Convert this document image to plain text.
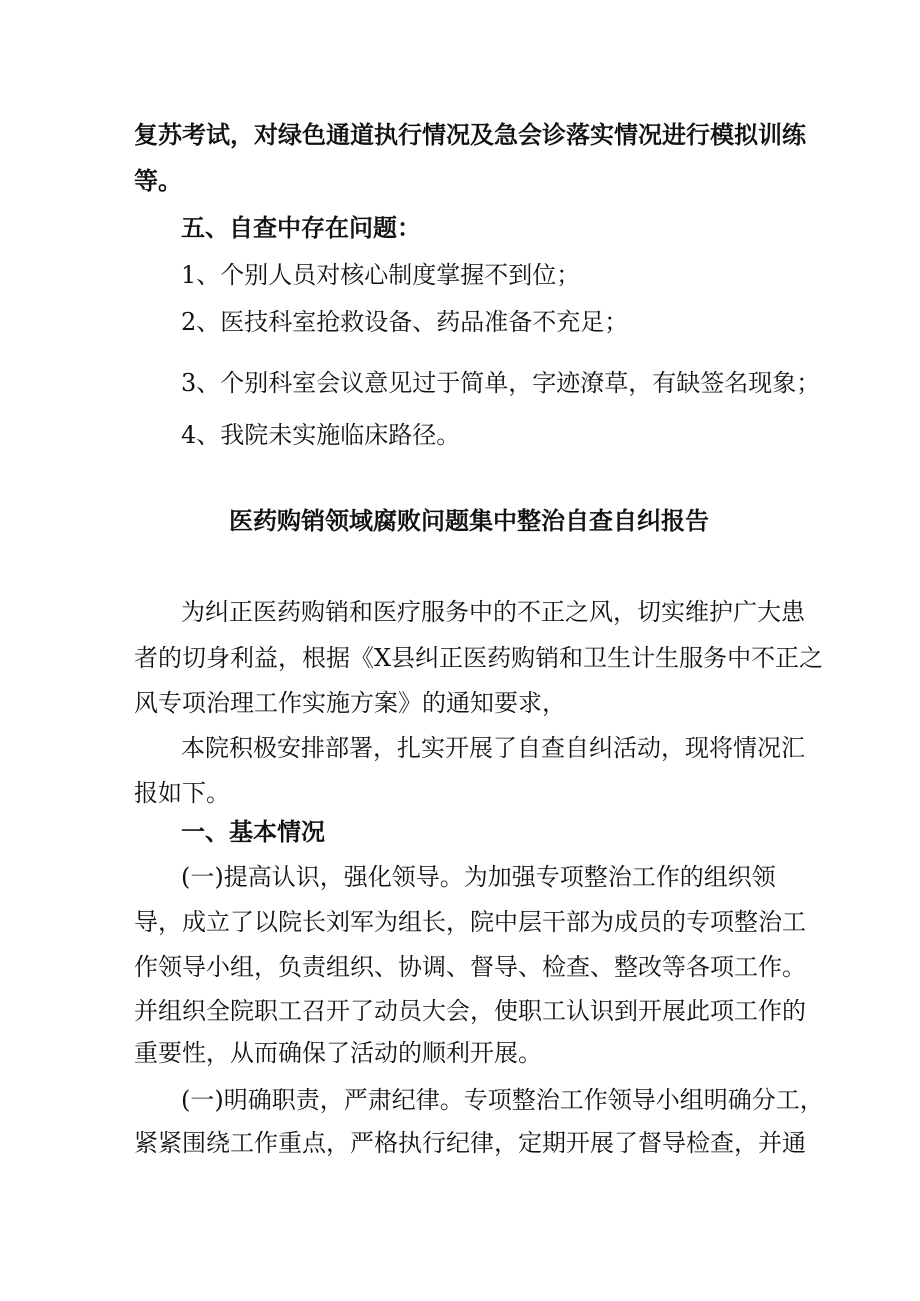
复苏考试，对绿色通道执行情况及急会诊落实情况进行模拟训练
等。
五、自查中存在问题：
1、个别人员对核心制度掌握不到位；
2、医技科室抢救设备、药品准备不充足；
3、个别科室会议意见过于简单，字迹潦草，有缺签名现象；
4、我院未实施临床路径。
医药购销领域腐败问题集中整治自查自纠报告
为纠正医药购销和医疗服务中的不正之风，切实维护广大患
者的切身利益，根据《X县纠正医药购销和卫生计生服务中不正之
风专项治理工作实施方案》的通知要求，
本院积极安排部署，扎实开展了自查自纠活动，现将情况汇
报如下。
一、基本情况
(一)提高认识，强化领导。为加强专项整治工作的组织领
导，成立了以院长刘军为组长，院中层干部为成员的专项整治工
作领导小组，负责组织、协调、督导、检查、整改等各项工作。
并组织全院职工召开了动员大会，使职工认识到开展此项工作的
重要性，从而确保了活动的顺利开展。
(一)明确职责，严肃纪律。专项整治工作领导小组明确分工，
紧紧围绕工作重点，严格执行纪律，定期开展了督导检查，并通
